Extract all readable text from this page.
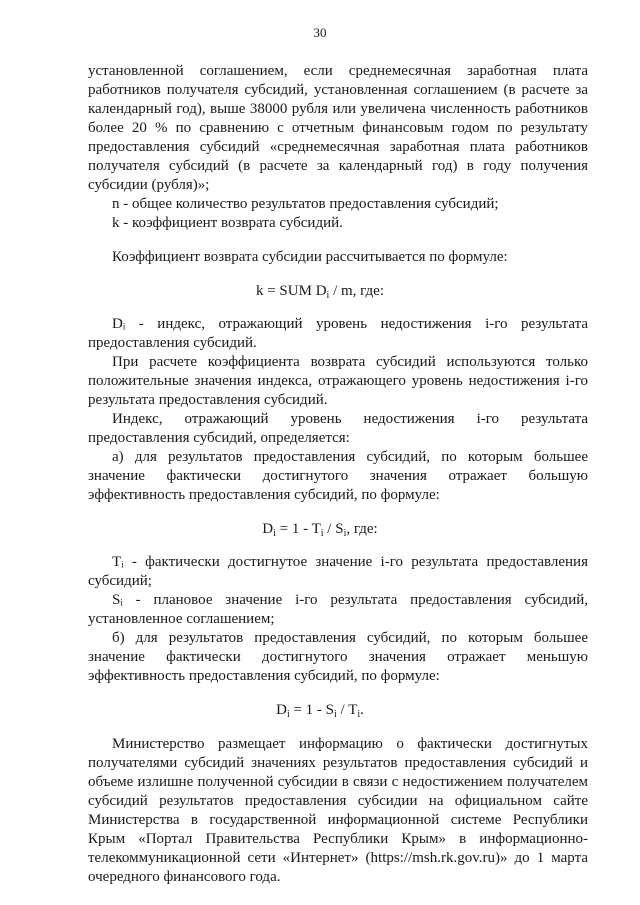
30
установленной соглашением, если среднемесячная заработная плата
работников получателя субсидий, установленная соглашением (в расчете за
календарный год), выше 38000 рубля или увеличена численность работников
более 20 % по сравнению с отчетным финансовым годом по результату
предоставления субсидий «среднемесячная заработная плата работников
получателя субсидий (в расчете за календарный год) в году получения
субсидии (рубля)»;
n - общее количество результатов предоставления субсидий;
k - коэффициент возврата субсидий.
Коэффициент возврата субсидии рассчитывается по формуле:
k = SUM $D_i$ / m, где:
Dᵢ - индекс, отражающий уровень недостижения i-го результата
предоставления субсидий.
При расчете коэффициента возврата субсидий используются только
положительные значения индекса, отражающего уровень недостижения i-го
результата предоставления субсидий.
Индекс, отражающий уровень недостижения i-го результата
предоставления субсидий, определяется:
а) для результатов предоставления субсидий, по которым большее
значение фактически достигнутого значения отражает большую
эффективность предоставления субсидий, по формуле:
$D_i = 1 - T_i / S_i$, где:
Tᵢ - фактически достигнутое значение i-го результата предоставления
субсидий;
Sᵢ - плановое значение i-го результата предоставления субсидий,
установленное соглашением;
б) для результатов предоставления субсидий, по которым большее
значение фактически достигнутого значения отражает меньшую
эффективность предоставления субсидий, по формуле:
$D_i = 1 - S_i / T_i$.
Министерство размещает информацию о фактически достигнутых
получателями субсидий значениях результатов предоставления субсидий и
объеме излишне полученной субсидии в связи с недостижением получателем
субсидий результатов предоставления субсидии на официальном сайте
Министерства в государственной информационной системе Республики
Крым «Портал Правительства Республики Крым» в информационно-
телекоммуникационной сети «Интернет» (https://msh.rk.gov.ru)» до 1 марта
очередного финансового года.
